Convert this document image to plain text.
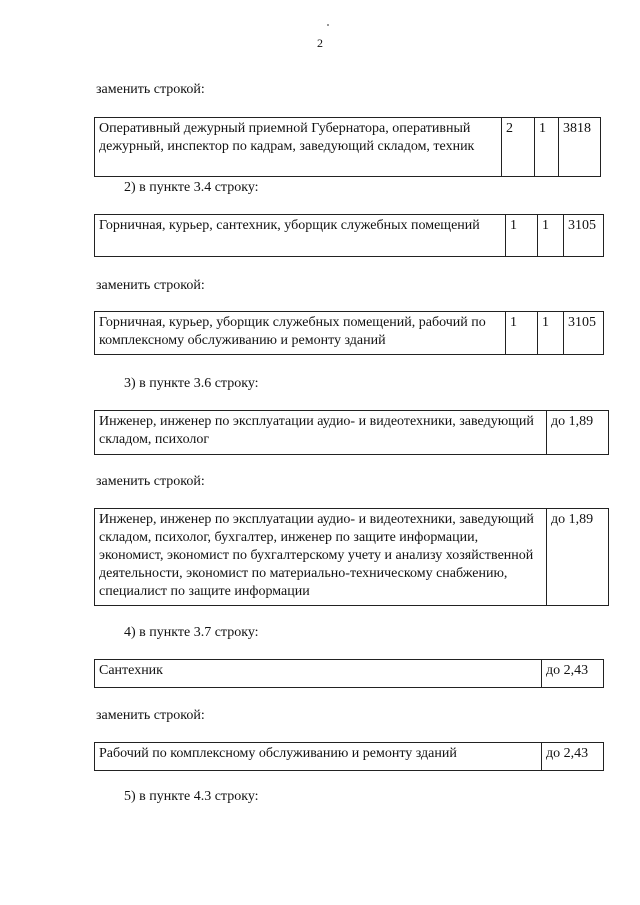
2
заменить строкой:
Оперативный дежурный приемной Губернатора, оперативный дежурный, инспектор по кадрам, заведующий складом, техник	2	1	3818
2) в пункте 3.4 строку:
Горничная, курьер, сантехник, уборщик служебных помещений	1	1	3105
заменить строкой:
Горничная, курьер, уборщик служебных помещений, рабочий по комплексному обслуживанию и ремонту зданий	1	1	3105
3) в пункте 3.6 строку:
Инженер, инженер по эксплуатации аудио- и видеотехники, заведующий складом, психолог	до 1,89
заменить строкой:
Инженер, инженер по эксплуатации аудио- и видеотехники, заведующий складом, психолог, бухгалтер, инженер по защите информации, экономист, экономист по бухгалтерскому учету и анализу хозяйственной деятельности, экономист по материально-техническому снабжению, специалист по защите информации	до 1,89
4) в пункте 3.7 строку:
Сантехник	до 2,43
заменить строкой:
Рабочий по комплексному обслуживанию и ремонту зданий	до 2,43
5) в пункте 4.3 строку:
